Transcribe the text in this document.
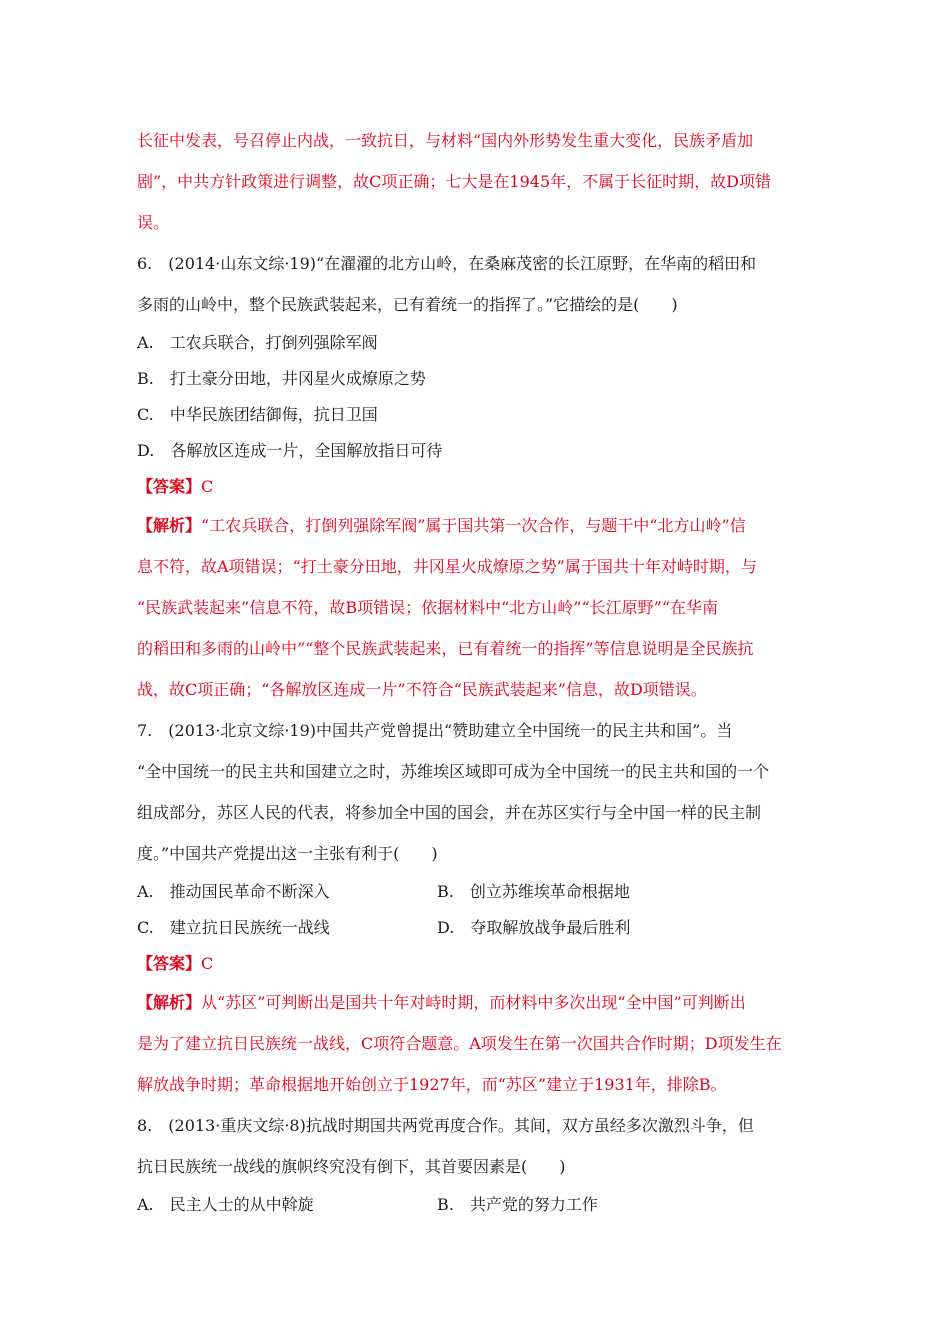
长征中发表，号召停止内战，一致抗日，与材料“国内外形势发生重大变化，民族矛盾加
剧”，中共方针政策进行调整，故C项正确；七大是在1945年，不属于长征时期，故D项错
误。
6.　(2014·山东文综·19)“在濯濯的北方山岭，在桑麻茂密的长江原野，在华南的稻田和
多雨的山岭中，整个民族武装起来，已有着统一的指挥了。”它描绘的是(　　)
A.　工农兵联合，打倒列强除军阀
B.　打土豪分田地，井冈星火成燎原之势
C.　中华民族团结御侮，抗日卫国
D.　各解放区连成一片，全国解放指日可待
【答案】C
【解析】“工农兵联合，打倒列强除军阀”属于国共第一次合作，与题干中“北方山岭”信
息不符，故A项错误；“打土豪分田地，井冈星火成燎原之势”属于国共十年对峙时期，与
“民族武装起来”信息不符，故B项错误；依据材料中“北方山岭”“长江原野”“在华南
的稻田和多雨的山岭中”“整个民族武装起来，已有着统一的指挥”等信息说明是全民族抗
战，故C项正确；“各解放区连成一片”不符合“民族武装起来”信息，故D项错误。
7.　(2013·北京文综·19)中国共产党曾提出“赞助建立全中国统一的民主共和国”。当
“全中国统一的民主共和国建立之时，苏维埃区域即可成为全中国统一的民主共和国的一个
组成部分，苏区人民的代表，将参加全中国的国会，并在苏区实行与全中国一样的民主制
度。”中国共产党提出这一主张有利于(　　)
A.　推动国民革命不断深入	B.　创立苏维埃革命根据地
C.　建立抗日民族统一战线	D.　夺取解放战争最后胜利
【答案】C
【解析】从“苏区”可判断出是国共十年对峙时期，而材料中多次出现“全中国”可判断出
是为了建立抗日民族统一战线，C项符合题意。A项发生在第一次国共合作时期；D项发生在
解放战争时期；革命根据地开始创立于1927年，而“苏区”建立于1931年，排除B。
8.　(2013·重庆文综·8)抗战时期国共两党再度合作。其间，双方虽经多次激烈斗争，但
抗日民族统一战线的旗帜终究没有倒下，其首要因素是(　　)
A.　民主人士的从中斡旋	B.　共产党的努力工作
